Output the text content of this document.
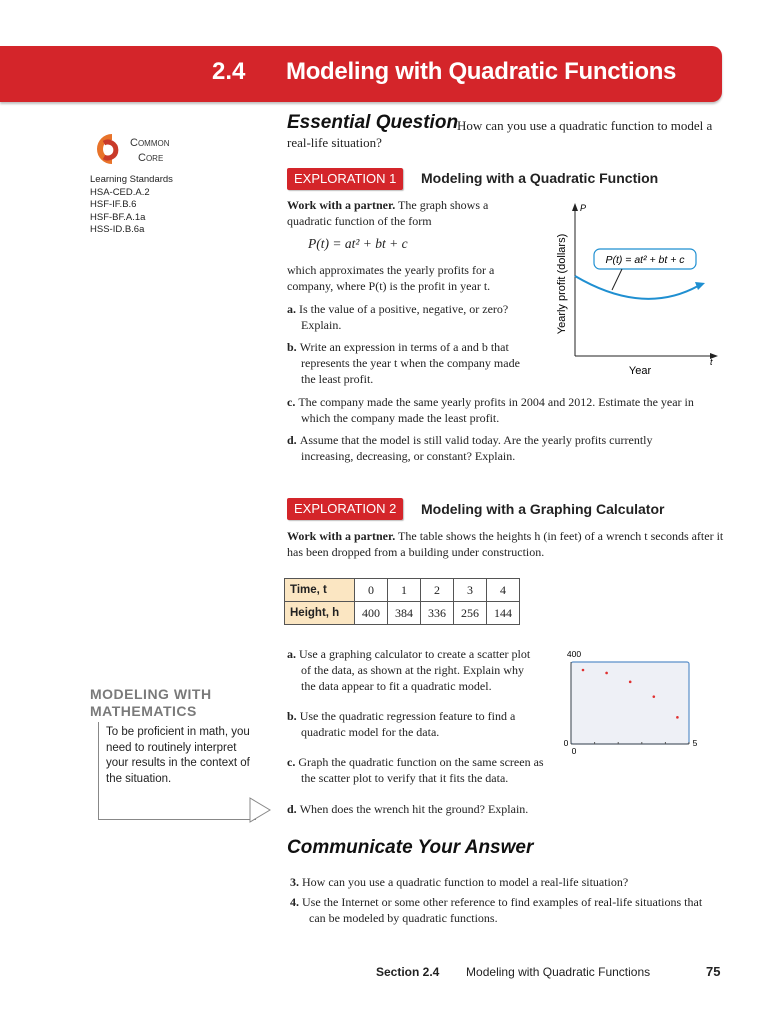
2.4 Modeling with Quadratic Functions
Common
Core
Learning Standards
HSA-CED.A.2
HSF-IF.B.6
HSF-BF.A.1a
HSS-ID.B.6a
Essential Question
How can you use a quadratic function to model a real-life situation?
EXPLORATION 1	Modeling with a Quadratic Function
Work with a partner. The graph shows a quadratic function of the form
P(t) = at² + bt + c
which approximates the yearly profits for a company, where P(t) is the profit in year t.
a. Is the value of a positive, negative, or zero? Explain.
b. Write an expression in terms of a and b that represents the year t when the company made the least profit.
c. The company made the same yearly profits in 2004 and 2012. Estimate the year in which the company made the least profit.
d. Assume that the model is still valid today. Are the yearly profits currently increasing, decreasing, or constant? Explain.
P
t
Yearly profit (dollars)
Year
P(t) = at² + bt + c
EXPLORATION 2	Modeling with a Graphing Calculator
Work with a partner. The table shows the heights h (in feet) of a wrench t seconds after it has been dropped from a building under construction.
Time, t	0	1	2	3	4
Height, h	400	384	336	256	144
a. Use a graphing calculator to create a scatter plot of the data, as shown at the right. Explain why the data appear to fit a quadratic model.
b. Use the quadratic regression feature to find a quadratic model for the data.
c. Graph the quadratic function on the same screen as the scatter plot to verify that it fits the data.
d. When does the wrench hit the ground? Explain.
400
0	5
0
MODELING WITH
MATHEMATICS
To be proficient in math, you need to routinely interpret your results in the context of the situation.
Communicate Your Answer
3. How can you use a quadratic function to model a real-life situation?
4. Use the Internet or some other reference to find examples of real-life situations that can be modeled by quadratic functions.
Section 2.4 Modeling with Quadratic Functions	75
